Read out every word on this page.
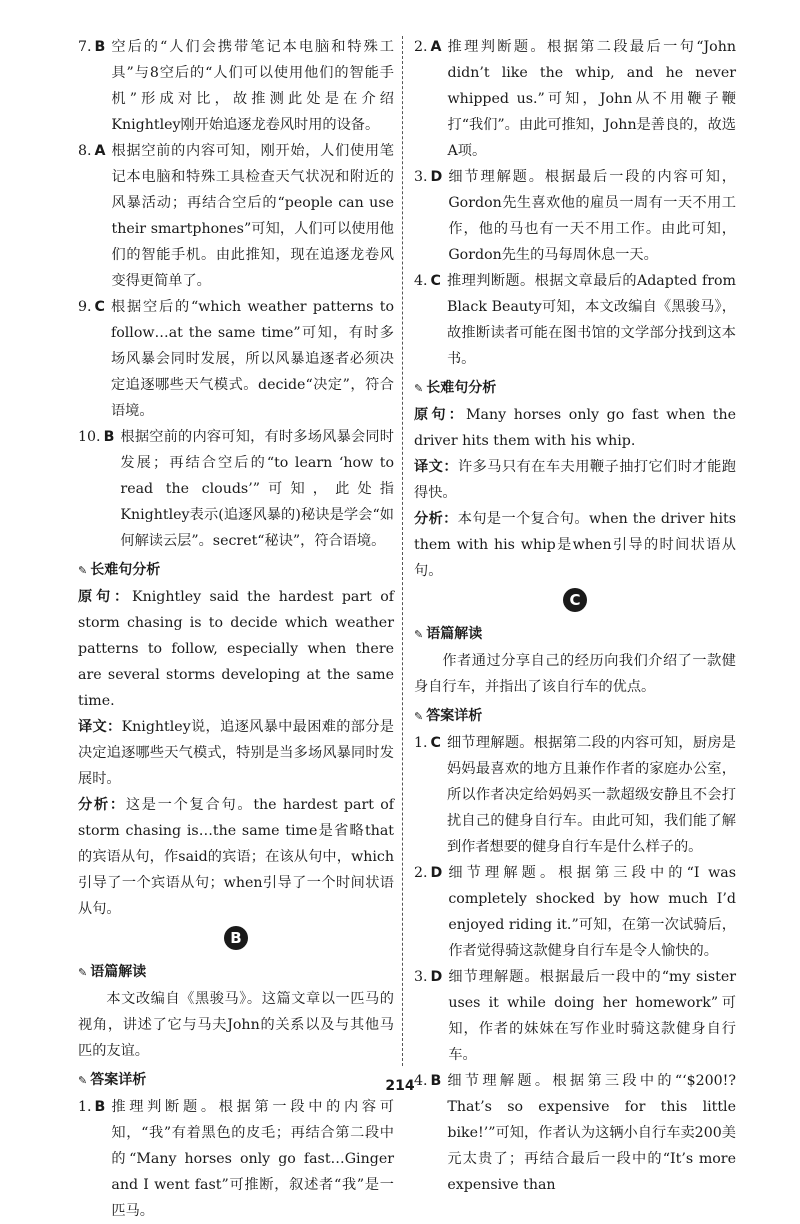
7. B 空后的“人们会携带笔记本电脑和特殊工具”与8空后的“人们可以使用他们的智能手机”形成对比，故推测此处是在介绍Knightley刚开始追逐龙卷风时用的设备。
8. A 根据空前的内容可知，刚开始，人们使用笔记本电脑和特殊工具检查天气状况和附近的风暴活动；再结合空后的“people can use their smartphones”可知，人们可以使用他们的智能手机。由此推知，现在追逐龙卷风变得更简单了。
9. C 根据空后的“which weather patterns to follow…at the same time”可知，有时多场风暴会同时发展，所以风暴追逐者必须决定追逐哪些天气模式。decide“决定”，符合语境。
10. B 根据空前的内容可知，有时多场风暴会同时发展；再结合空后的“to learn ‘how to read the clouds’”可知，此处指Knightley表示(追逐风暴的)秘诀是学会“如何解读云层”。secret“秘诀”，符合语境。
✎ 长难句分析
原句：Knightley said the hardest part of storm chasing is to decide which weather patterns to follow, especially when there are several storms developing at the same time.
译文：Knightley说，追逐风暴中最困难的部分是决定追逐哪些天气模式，特别是当多场风暴同时发展时。
分析：这是一个复合句。the hardest part of storm chasing is…the same time是省略that的宾语从句，作said的宾语；在该从句中，which引导了一个宾语从句；when引导了一个时间状语从句。
B
✎ 语篇解读
本文改编自《黑骏马》。这篇文章以一匹马的视角，讲述了它与马夫John的关系以及与其他马匹的友谊。
✎ 答案详析
1. B 推理判断题。根据第一段中的内容可知，“我”有着黑色的皮毛；再结合第二段中的“Many horses only go fast…Ginger and I went fast”可推断，叙述者“我”是一匹马。
2. A 推理判断题。根据第二段最后一句“John didn’t like the whip, and he never whipped us.”可知，John从不用鞭子鞭打“我们”。由此可推知，John是善良的，故选A项。
3. D 细节理解题。根据最后一段的内容可知，Gordon先生喜欢他的雇员一周有一天不用工作，他的马也有一天不用工作。由此可知，Gordon先生的马每周休息一天。
4. C 推理判断题。根据文章最后的Adapted from Black Beauty可知，本文改编自《黑骏马》，故推断读者可能在图书馆的文学部分找到这本书。
✎ 长难句分析
原句：Many horses only go fast when the driver hits them with his whip.
译文：许多马只有在车夫用鞭子抽打它们时才能跑得快。
分析：本句是一个复合句。when the driver hits them with his whip是when引导的时间状语从句。
C
✎ 语篇解读
作者通过分享自己的经历向我们介绍了一款健身自行车，并指出了该自行车的优点。
✎ 答案详析
1. C 细节理解题。根据第二段的内容可知，厨房是妈妈最喜欢的地方且兼作作者的家庭办公室，所以作者决定给妈妈买一款超级安静且不会打扰自己的健身自行车。由此可知，我们能了解到作者想要的健身自行车是什么样子的。
2. D 细节理解题。根据第三段中的“I was completely shocked by how much I’d enjoyed riding it.”可知，在第一次试骑后，作者觉得骑这款健身自行车是令人愉快的。
3. D 细节理解题。根据最后一段中的“my sister uses it while doing her homework”可知，作者的妹妹在写作业时骑这款健身自行车。
4. B 细节理解题。根据第三段中的“‘$200!? That’s so expensive for this little bike!’”可知，作者认为这辆小自行车卖200美元太贵了；再结合最后一段中的“It’s more expensive than
214
